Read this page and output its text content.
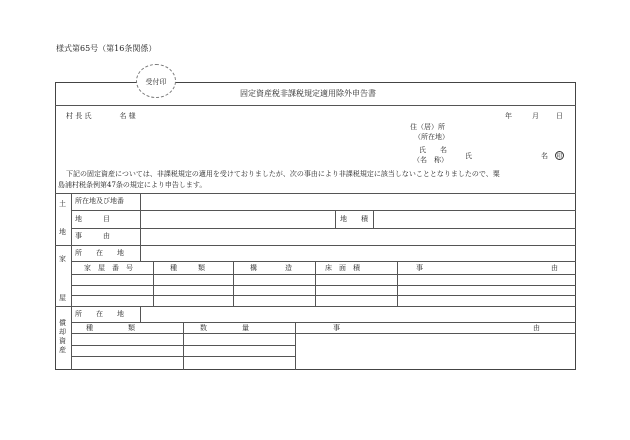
様式第65号（第16条関係）
受付印
固定資産税非課税規定適用除外申告書
村 長 氏　　　　名 様	年	月 日
住（居）所
（所在地）
氏　　名
（名　称） 氏	名 印
下記の固定資産については、非課税規定の適用を受けておりましたが、次の事由により非課税規定に該当しないこととなりましたので、粟
島浦村税条例第47条の規定により申告します。
土
地
家
屋
償
却
資
産
所在地及び地番
地　　　目	地　　積
事　　　由
所　　在　　地
家　屋　番　号	種　　　類	構　　　　造	床　面　積	事	由
所　　在　　地
種　　　　　類	数　　　　　量	事	由
